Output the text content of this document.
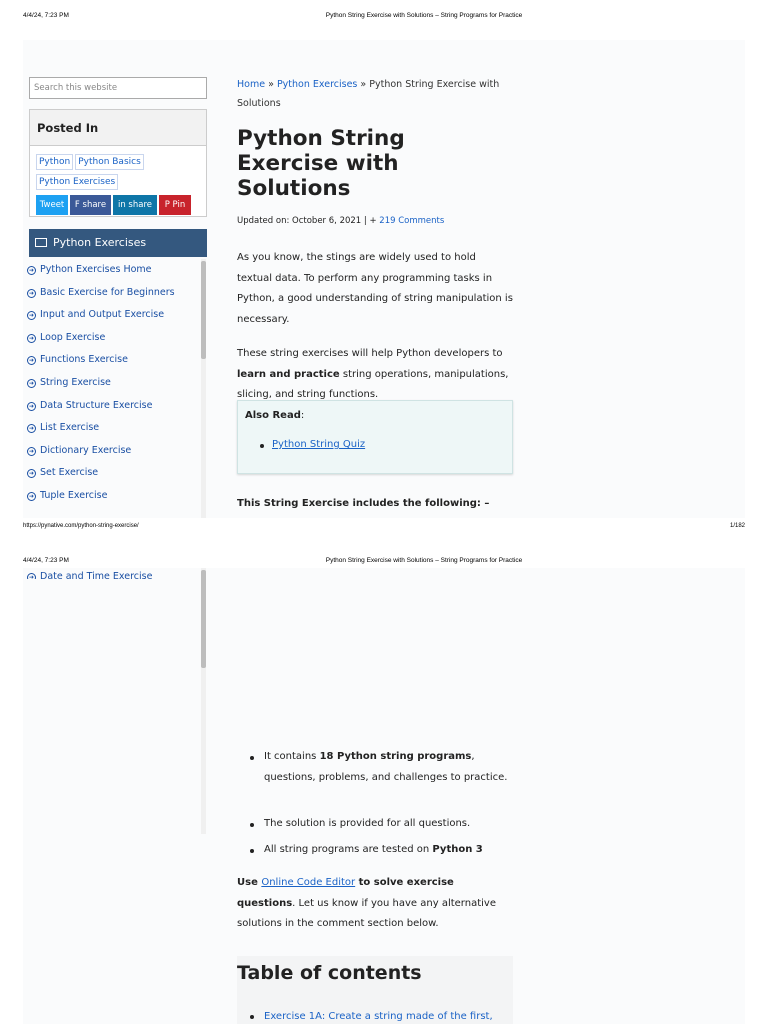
4/4/24, 7:23 PM	Python String Exercise with Solutions – String Programs for Practice
Search this website
Posted In
Python Python BasicsPython Exercises
Tweet	F share	in share	P Pin
Python Exercises
➜ Python Exercises Home
➜ Basic Exercise for Beginners
➜ Input and Output Exercise
➜ Loop Exercise
➜ Functions Exercise
➜ String Exercise
➜ Data Structure Exercise
➜ List Exercise
➜ Dictionary Exercise
➜ Set Exercise
➜ Tuple Exercise
Home » Python Exercises » Python String Exercise with Solutions
Python String Exercise with Solutions
Updated on: October 6, 2021 | + 219 Comments

As you know, the stings are widely used to hold textual data. To perform any programming tasks in Python, a good understanding of string manipulation is necessary.

These string exercises will help Python developers to learn and practice string operations, manipulations, slicing, and string functions.

Also Read:
Python String Quiz
This String Exercise includes the following: –
https://pynative.com/python-string-exercise/	1/182
4/4/24, 7:23 PM	Python String Exercise with Solutions – String Programs for Practice
➜ Date and Time Exercise
It contains 18 Python string programs, questions, problems, and challenges to practice.
The solution is provided for all questions.
All string programs are tested on Python 3

Use Online Code Editor to solve exercise questions. Let us know if you have any alternative solutions in the comment section below.

Table of contents
Exercise 1A: Create a string made of the first,
